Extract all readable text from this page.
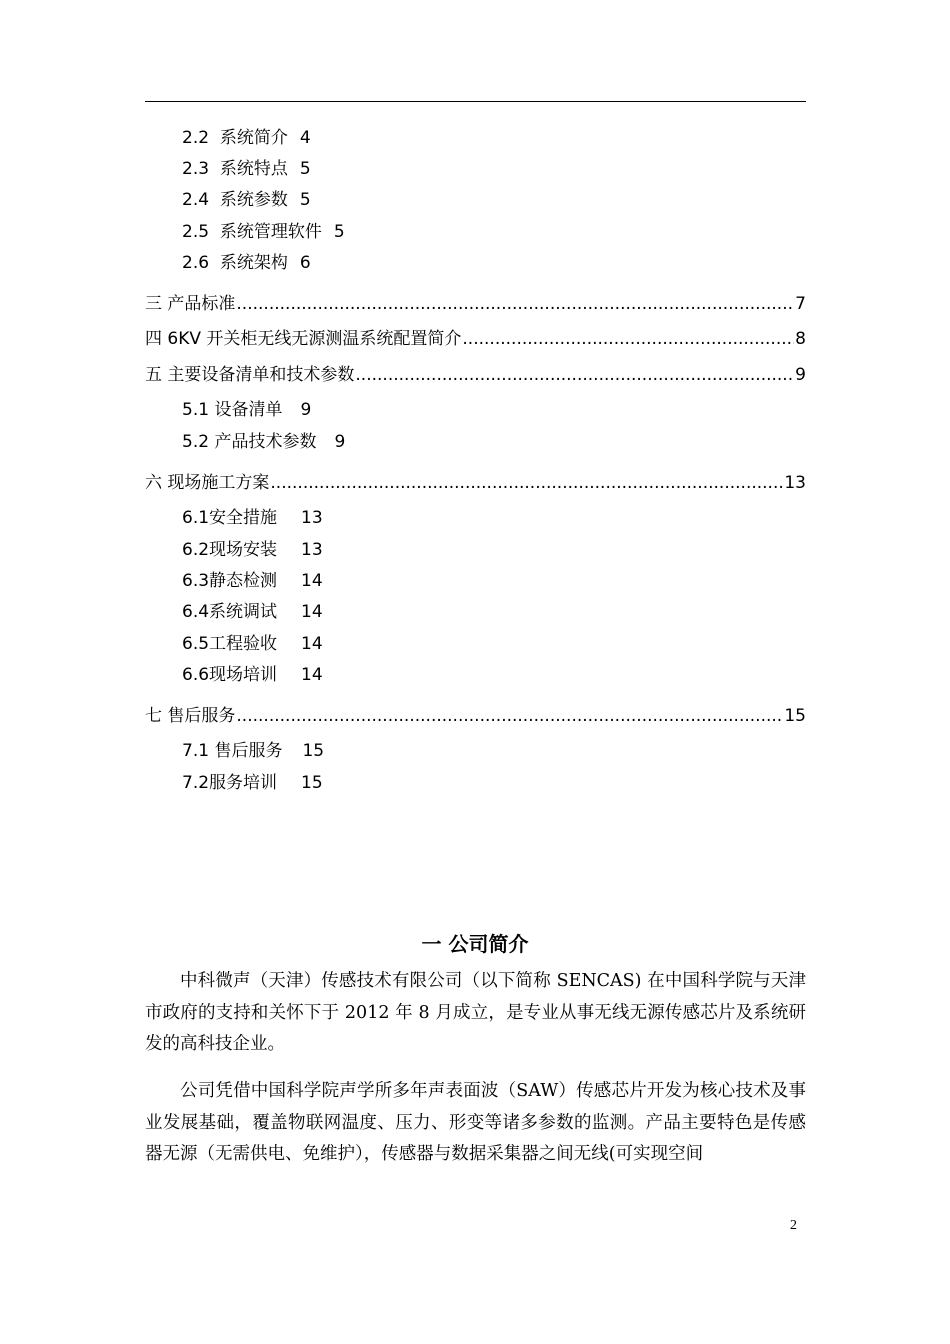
2.2 系统简介 4
2.3 系统特点 5
2.4 系统参数 5
2.5 系统管理软件 5
2.6 系统架构 6
三 产品标准 .....	7
四 6KV 开关柜无线无源测温系统配置简介 .....	8
五 主要设备清单和技术参数 .....	9
5.1 设备清单 9
5.2 产品技术参数 9
六 现场施工方案 .....	13
6.1安全措施 13
6.2现场安装 13
6.3静态检测 14
6.4系统调试 14
6.5工程验收 14
6.6现场培训 14
七 售后服务 .....	15
7.1 售后服务 15
7.2服务培训 15
一 公司简介

中科微声（天津）传感技术有限公司（以下简称 SENCAS) 在中国科学院与天津市政府的支持和关怀下于 2012 年 8 月成立，是专业从事无线无源传感芯片及系统研发的高科技企业。

公司凭借中国科学院声学所多年声表面波（SAW）传感芯片开发为核心技术及事业发展基础，覆盖物联网温度、压力、形变等诸多参数的监测。产品主要特色是传感器无源（无需供电、免维护），传感器与数据采集器之间无线(可实现空间

2
